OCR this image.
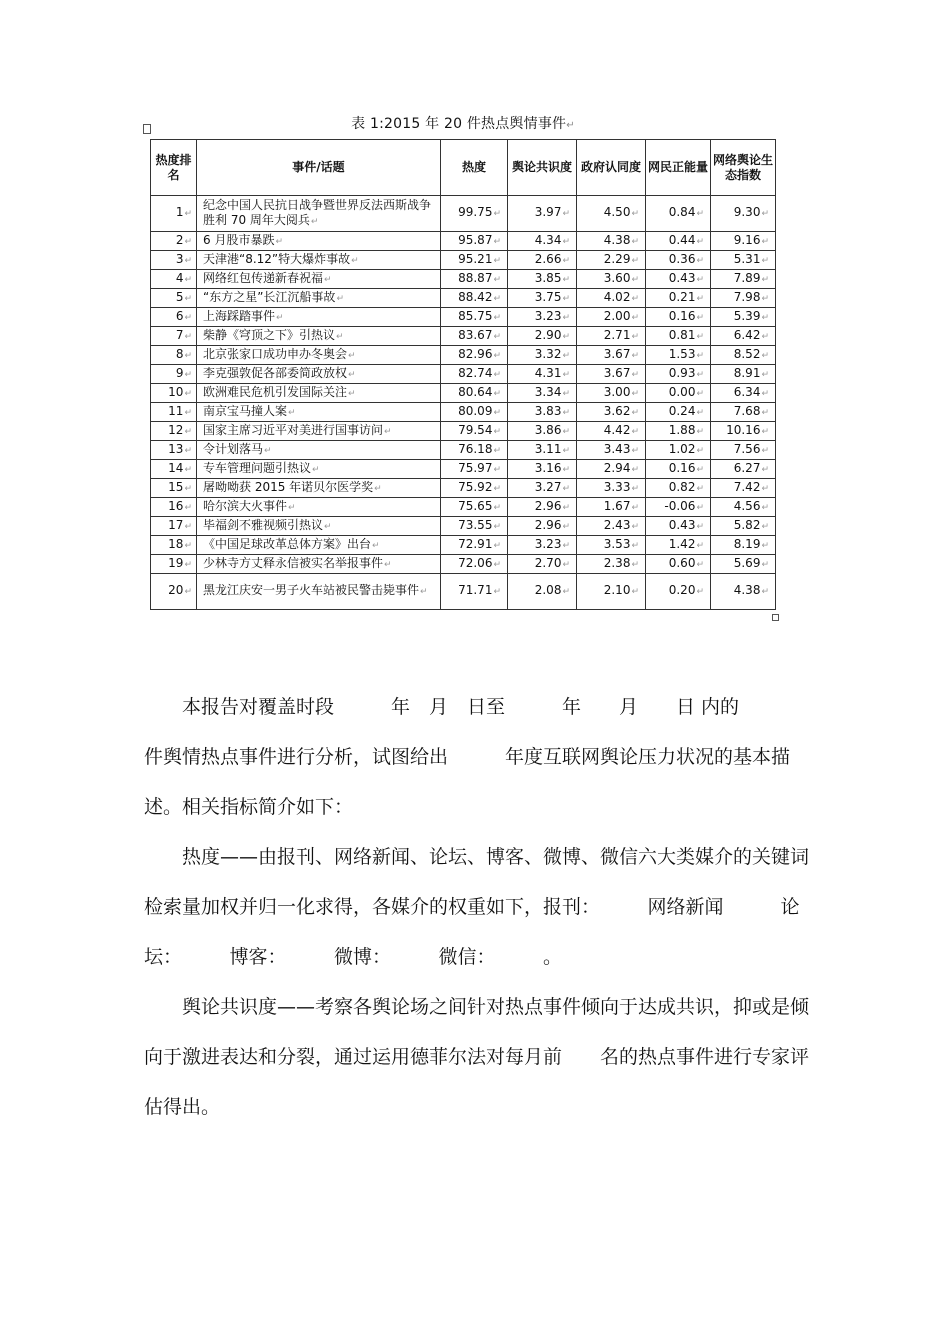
表 1:2015 年 20 件热点舆情事件↵
热度排名	事件/话题	热度	舆论共识度	政府认同度	网民正能量	网络舆论生态指数
1↵	纪念中国人民抗日战争暨世界反法西斯战争胜利 70 周年大阅兵↵	99.75↵	3.97↵	4.50↵	0.84↵	9.30↵
2↵	6 月股市暴跌↵	95.87↵	4.34↵	4.38↵	0.44↵	9.16↵
3↵	天津港“8.12”特大爆炸事故↵	95.21↵	2.66↵	2.29↵	0.36↵	5.31↵
4↵	网络红包传递新春祝福↵	88.87↵	3.85↵	3.60↵	0.43↵	7.89↵
5↵	“东方之星”长江沉船事故↵	88.42↵	3.75↵	4.02↵	0.21↵	7.98↵
6↵	上海踩踏事件↵	85.75↵	3.23↵	2.00↵	0.16↵	5.39↵
7↵	柴静《穹顶之下》引热议↵	83.67↵	2.90↵	2.71↵	0.81↵	6.42↵
8↵	北京张家口成功申办冬奥会↵	82.96↵	3.32↵	3.67↵	1.53↵	8.52↵
9↵	李克强敦促各部委简政放权↵	82.74↵	4.31↵	3.67↵	0.93↵	8.91↵
10↵	欧洲难民危机引发国际关注↵	80.64↵	3.34↵	3.00↵	0.00↵	6.34↵
11↵	南京宝马撞人案↵	80.09↵	3.83↵	3.62↵	0.24↵	7.68↵
12↵	国家主席习近平对美进行国事访问↵	79.54↵	3.86↵	4.42↵	1.88↵	10.16↵
13↵	令计划落马↵	76.18↵	3.11↵	3.43↵	1.02↵	7.56↵
14↵	专车管理问题引热议↵	75.97↵	3.16↵	2.94↵	0.16↵	6.27↵
15↵	屠呦呦获 2015 年诺贝尔医学奖↵	75.92↵	3.27↵	3.33↵	0.82↵	7.42↵
16↵	哈尔滨大火事件↵	75.65↵	2.96↵	1.67↵	-0.06↵	4.56↵
17↵	毕福剑不雅视频引热议↵	73.55↵	2.96↵	2.43↵	0.43↵	5.82↵
18↵	《中国足球改革总体方案》出台↵	72.91↵	3.23↵	3.53↵	1.42↵	8.19↵
19↵	少林寺方丈释永信被实名举报事件↵	72.06↵	2.70↵	2.38↵	0.60↵	5.69↵
20↵	黑龙江庆安一男子火车站被民警击毙事件↵	71.71↵	2.08↵	2.10↵	0.20↵	4.38↵

本报告对覆盖时段　　　年　月　日至　　　年　　月　　日 内的　　　件舆情热点事件进行分析，试图给出　　　年度互联网舆论压力状况的基本描述。相关指标简介如下：

热度——由报刊、网络新闻、论坛、博客、微博、微信六大类媒介的关键词检索量加权并归一化求得，各媒介的权重如下，报刊：　　　网络新闻　　　论坛：　　　博客：　　　微博：　　　微信：　　　。

舆论共识度——考察各舆论场之间针对热点事件倾向于达成共识，抑或是倾向于激进表达和分裂，通过运用德菲尔法对每月前　　名的热点事件进行专家评估得出。
